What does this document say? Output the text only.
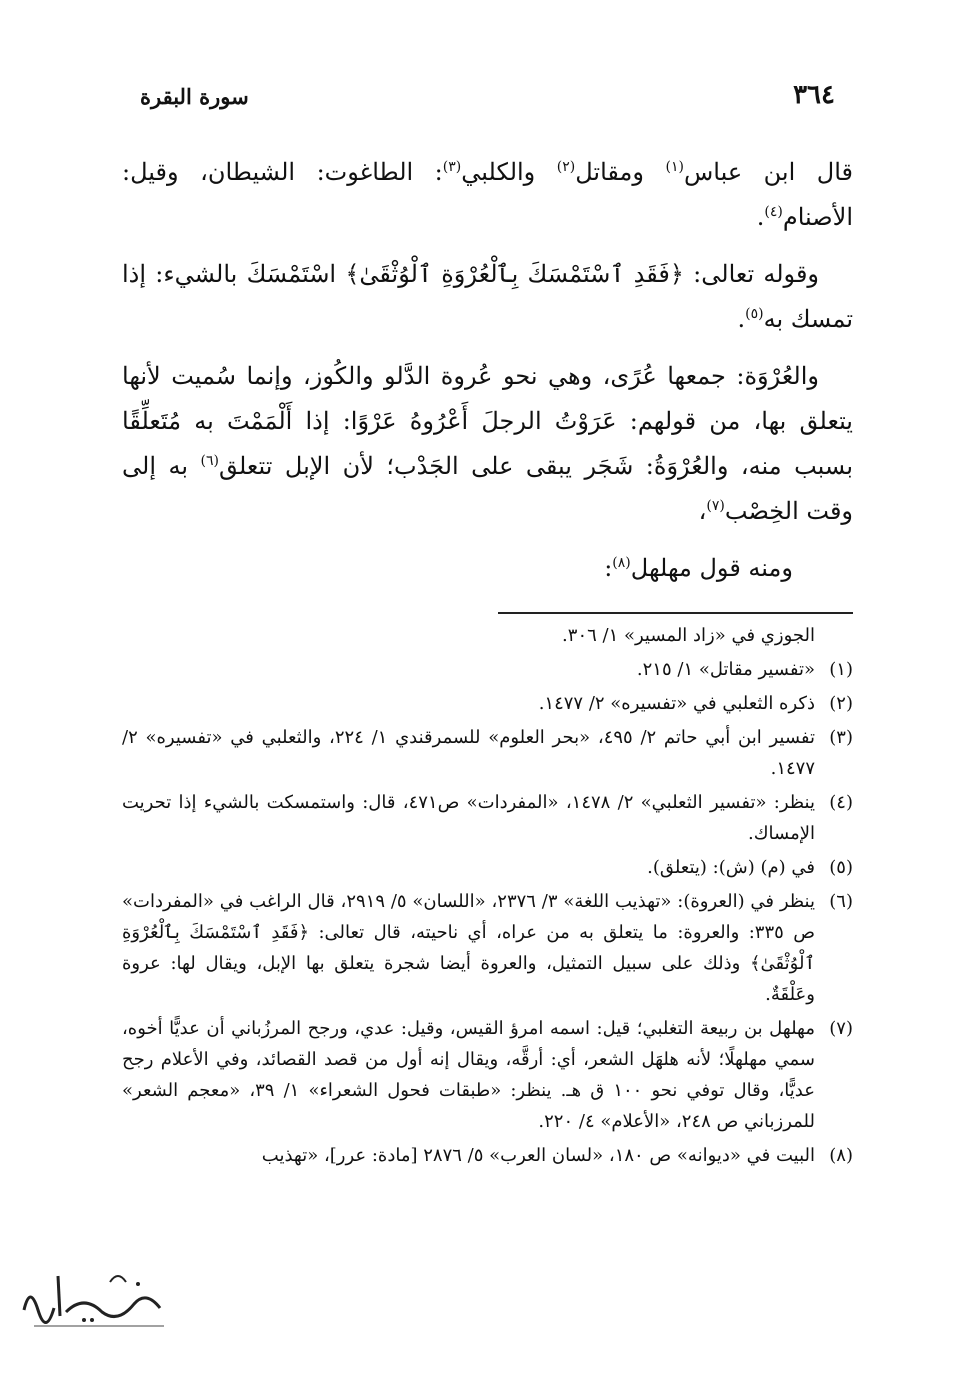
٣٦٤
سورة البقرة

قال ابن عباس$^{(١)}$ ومقاتل$^{(٢)}$ والكلبي$^{(٣)}$: الطاغوت: الشيطان، وقيل: الأصنام$^{(٤)}$.

وقوله تعالى: ﴿فَقَدِ ٱسْتَمْسَكَ بِٱلْعُرْوَةِ ٱلْوُثْقَىٰ﴾ اسْتَمْسَكَ بالشيء: إذا تمسك به$^{(٥)}$.

والعُرْوَة: جمعها عُرًى، وهي نحو عُروة الدَّلو والكُوز، وإنما سُميت لأنها يتعلق بها، من قولهم: عَرَوْتُ الرجلَ أَعْرُوهُ عَرْوًا: إذا أَلْمَمْتَ به مُتَعلِّقًا بسبب منه، والعُرْوَةُ: شَجَر يبقى على الجَدْب؛ لأن الإبل تتعلق$^{(٦)}$ به إلى وقت الخِصْب$^{(٧)}$،

ومنه قول مهلهل$^{(٨)}$:

الجوزي في «زاد المسير» ١/ ٣٠٦.
(١)
«تفسير مقاتل» ١/ ٢١٥.
(٢)
ذكره الثعلبي في «تفسيره» ٢/ ١٤٧٧.
(٣)
تفسير ابن أبي حاتم ٢/ ٤٩٥، «بحر العلوم» للسمرقندي ١/ ٢٢٤، والثعلبي في «تفسيره» ٢/ ١٤٧٧.
(٤)
ينظر: «تفسير الثعلبي» ٢/ ١٤٧٨، «المفردات» ص٤٧١، قال: واستمسكت بالشيء إذا تحريت الإمساك.
(٥)
في (م) (ش): (يتعلق).
(٦)
ينظر في (العروة): «تهذيب اللغة» ٣/ ٢٣٧٦، «اللسان» ٥/ ٢٩١٩، قال الراغب في «المفردات» ص ٣٣٥: والعروة: ما يتعلق به من عراه، أي ناحيته، قال تعالى: ﴿فَقَدِ ٱسْتَمْسَكَ بِٱلْعُرْوَةِ ٱلْوُثْقَىٰ﴾ وذلك على سبيل التمثيل، والعروة أيضا شجرة يتعلق بها الإبل، ويقال لها: عروة وعَلْقَةٌ.
(٧)
مهلهل بن ربيعة التغلبي؛ قيل: اسمه امرؤ القيس، وقيل: عدي، ورجح المرزُباني أن عديًّا أخوه، سمي مهلهلًا؛ لأنه هلهَل الشعر، أي: أرقَّه، ويقال إنه أول من قصد القصائد، وفي الأعلام رجح عديًّا، وقال توفي نحو ١٠٠ ق هـ. ينظر: «طبقات فحول الشعراء» ١/ ٣٩، «معجم الشعر» للمرزباني ص ٢٤٨، «الأعلام» ٤/ ٢٢٠.
(٨)
البيت في «ديوانه» ص ١٨٠، «لسان العرب» ٥/ ٢٨٧٦ [مادة: عرر]، «تهذيب
